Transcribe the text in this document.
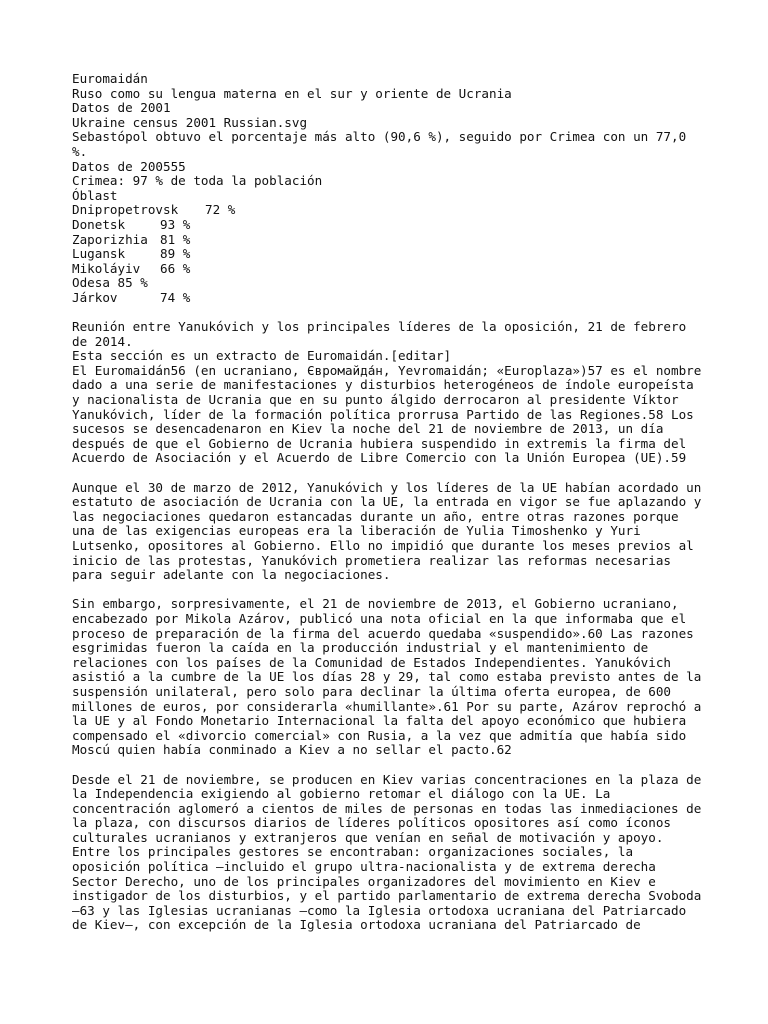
Euromaidán
Ruso como su lengua materna en el sur y oriente de Ucrania
Datos de 2001
Ukraine census 2001 Russian.svg
Sebastópol obtuvo el porcentaje más alto (90,6 %), seguido por Crimea con un 77,0
%.
Datos de 200555
Crimea: 97 % de toda la población
Óblast
Dnipropetrovsk 72 %
Donetsk	93 %
Zaporizhia 81 %
Lugansk	89 %
Mikoláyiv 66 %
Odesa 85 %
Járkov	74 %
Reunión entre Yanukóvich y los principales líderes de la oposición, 21 de febrero
de 2014.
Esta sección es un extracto de Euromaidán.[editar]
El Euromaidán56 (en ucraniano, Євромайда́н, Yevromaidán; «Europlaza»)57 es el nombre
dado a una serie de manifestaciones y disturbios heterogéneos de índole europeísta
y nacionalista de Ucrania que en su punto álgido derrocaron al presidente Víktor
Yanukóvich, líder de la formación política prorrusa Partido de las Regiones.58 Los
sucesos se desencadenaron en Kiev la noche del 21 de noviembre de 2013, un día
después de que el Gobierno de Ucrania hubiera suspendido in extremis la firma del
Acuerdo de Asociación y el Acuerdo de Libre Comercio con la Unión Europea (UE).59
Aunque el 30 de marzo de 2012, Yanukóvich y los líderes de la UE habían acordado un
estatuto de asociación de Ucrania con la UE, la entrada en vigor se fue aplazando y
las negociaciones quedaron estancadas durante un año, entre otras razones porque
una de las exigencias europeas era la liberación de Yulia Timoshenko y Yuri
Lutsenko, opositores al Gobierno. Ello no impidió que durante los meses previos al
inicio de las protestas, Yanukóvich prometiera realizar las reformas necesarias
para seguir adelante con la negociaciones.
Sin embargo, sorpresivamente, el 21 de noviembre de 2013, el Gobierno ucraniano,
encabezado por Mikola Azárov, publicó una nota oficial en la que informaba que el
proceso de preparación de la firma del acuerdo quedaba «suspendido».60 Las razones
esgrimidas fueron la caída en la producción industrial y el mantenimiento de
relaciones con los países de la Comunidad de Estados Independientes. Yanukóvich
asistió a la cumbre de la UE los días 28 y 29, tal como estaba previsto antes de la
suspensión unilateral, pero solo para declinar la última oferta europea, de 600
millones de euros, por considerarla «humillante».61 Por su parte, Azárov reprochó a
la UE y al Fondo Monetario Internacional la falta del apoyo económico que hubiera
compensado el «divorcio comercial» con Rusia, a la vez que admitía que había sido
Moscú quien había conminado a Kiev a no sellar el pacto.62
Desde el 21 de noviembre, se producen en Kiev varias concentraciones en la plaza de
la Independencia exigiendo al gobierno retomar el diálogo con la UE. La
concentración aglomeró a cientos de miles de personas en todas las inmediaciones de
la plaza, con discursos diarios de líderes políticos opositores así como íconos
culturales ucranianos y extranjeros que venían en señal de motivación y apoyo.
Entre los principales gestores se encontraban: organizaciones sociales, la
oposición política —incluido el grupo ultra-nacionalista y de extrema derecha
Sector Derecho, uno de los principales organizadores del movimiento en Kiev e
instigador de los disturbios, y el partido parlamentario de extrema derecha Svoboda
—63 y las Iglesias ucranianas —como la Iglesia ortodoxa ucraniana del Patriarcado
de Kiev—, con excepción de la Iglesia ortodoxa ucraniana del Patriarcado de
